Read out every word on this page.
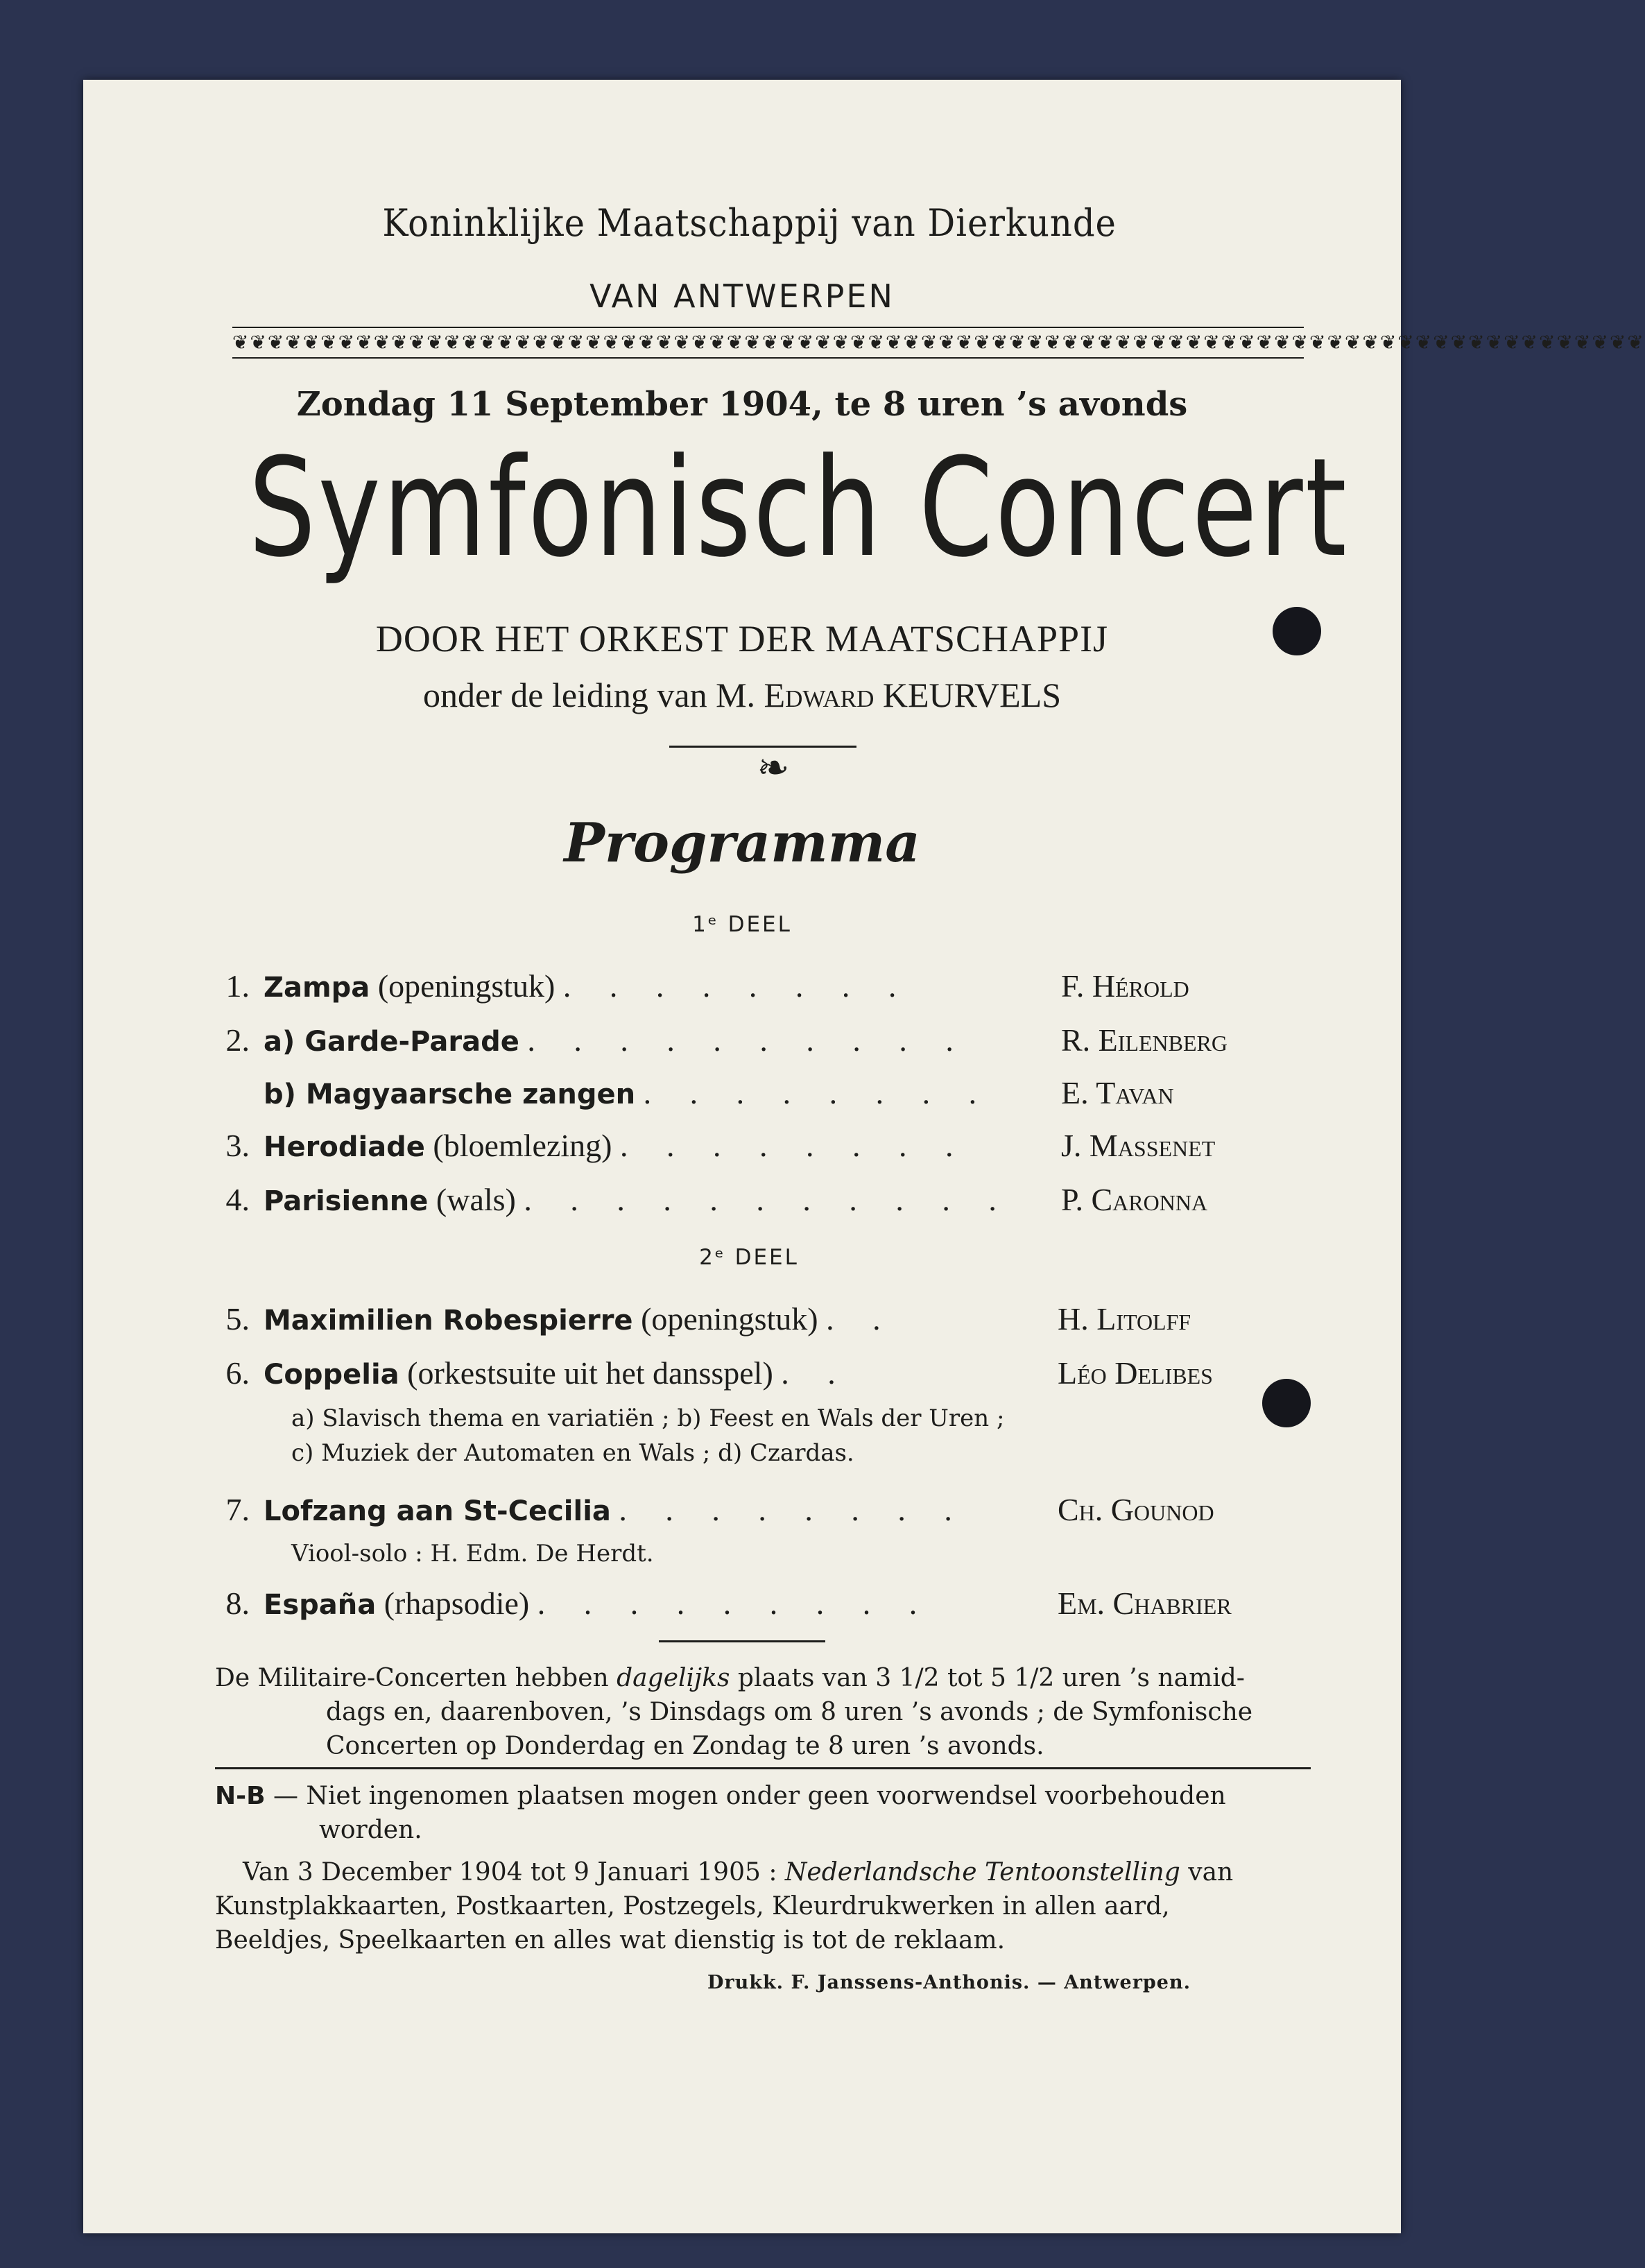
Koninklijke Maatschappij van Dierkunde
VAN ANTWERPEN
❦❦❦❦❦❦❦❦❦❦❦❦❦❦❦❦❦❦❦❦❦❦❦❦❦❦❦❦❦❦❦❦❦❦❦❦❦❦❦❦❦❦❦❦❦❦❦❦❦❦❦❦❦❦❦❦❦❦❦❦❦❦❦❦❦❦❦❦❦❦❦❦❦❦❦❦❦❦❦❦
Zondag 11 September 1904, te 8 uren ’s avonds
Symfonisch Concert
DOOR HET ORKEST DER MAATSCHAPPIJ
onder de leiding van M. Edward KEURVELS
❧
Programma
1ᵉ DEEL
1. Zampa (openingstuk) . . . . . . . .	F. Hérold
2. a) Garde-Parade . . . . . . . . . .	R. Eilenberg
b) Magyaarsche zangen . . . . . . . . E. Tavan
3. Herodiade (bloemlezing) . . . . . . . .	J. Massenet
4. Parisienne (wals) . . . . . . . . . . . P. Caronna
2ᵉ DEEL
5. Maximilien Robespierre (openingstuk) . .	H. Litolff
6. Coppelia (orkestsuite uit het dansspel) . .	Léo Delibes
a) Slavisch thema en variatiën ; b) Feest en Wals der Uren ;
c) Muziek der Automaten en Wals ; d) Czardas.
7. Lofzang aan St-Cecilia . . . . . . . .	Ch. Gounod
Viool-solo : H. Edm. De Herdt.
8. España (rhapsodie) . . . . . . . . .	Em. Chabrier
De Militaire-Concerten hebben dagelijks plaats van 3 1/2 tot 5 1/2 uren ’s namid-
dags en, daarenboven, ’s Dinsdags om 8 uren ’s avonds ; de Symfonische
Concerten op Donderdag en Zondag te 8 uren ’s avonds.
N-B — Niet ingenomen plaatsen mogen onder geen voorwendsel voorbehouden
worden.
Van 3 December 1904 tot 9 Januari 1905 : Nederlandsche Tentoonstelling van
Kunstplakkaarten, Postkaarten, Postzegels, Kleurdrukwerken in allen aard,
Beeldjes, Speelkaarten en alles wat dienstig is tot de reklaam.
Drukk. F. Janssens-Anthonis. — Antwerpen.
